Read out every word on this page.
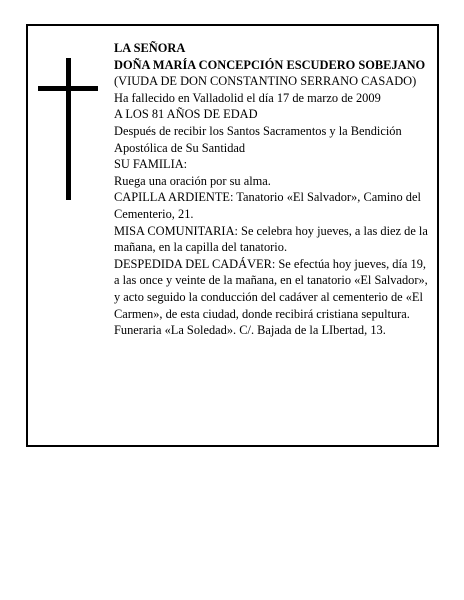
LA SEÑORA

DOÑA MARÍA CONCEPCIÓN ESCUDERO SOBEJANO

(VIUDA DE DON CONSTANTINO SERRANO CASADO)

Ha fallecido en Valladolid el día 17 de marzo de 2009

A LOS 81 AÑOS DE EDAD

Después de recibir los Santos Sacramentos y la Bendición Apostólica de Su Santidad

SU FAMILIA:

Ruega una oración por su alma.

CAPILLA ARDIENTE: Tanatorio «El Salvador», Camino del Cementerio, 21.

MISA COMUNITARIA: Se celebra hoy jueves, a las diez de la mañana, en la capilla del tanatorio.

DESPEDIDA DEL CADÁVER: Se efectúa hoy jueves, día 19, a las once y veinte de la mañana, en el tanatorio «El Salvador», y acto seguido la conducción del cadáver al cementerio de «El Carmen», de esta ciudad, donde recibirá cristiana sepultura.

Funeraria «La Soledad». C/. Bajada de la LIbertad, 13.
